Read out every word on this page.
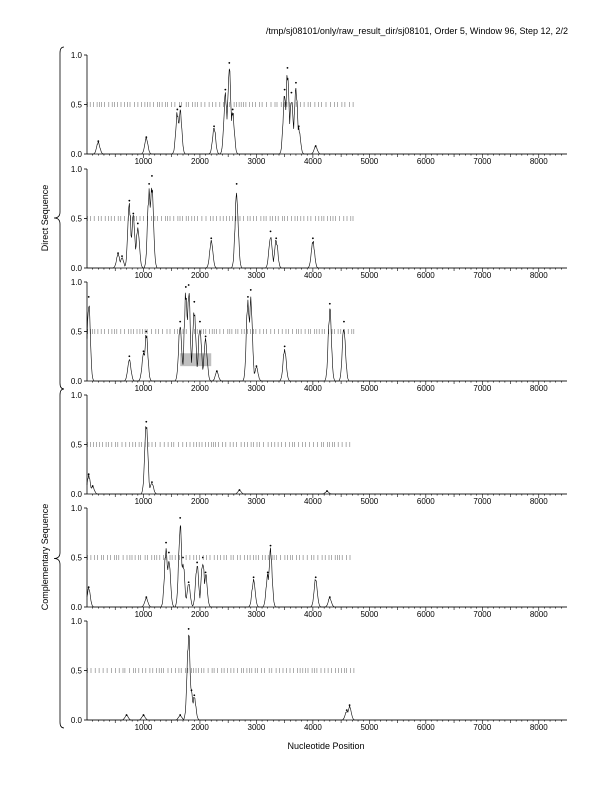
/tmp/sj08101/only/raw_result_dir/sj08101, Order 5, Window 96, Step 12, 2/2
0.0
0.5
1.0
1000	2000	3000	4000	5000	6000	7000	8000
0.0
0.5
1.0
1000	2000	3000	4000	5000	6000	7000	8000
0.0
0.5
1.0
1000	2000	3000	4000	5000	6000	7000	8000
0.0
0.5
1.0
1000	2000	3000	4000	5000	6000	7000	8000
0.0
0.5
1.0
1000	2000	3000	4000	5000	6000	7000	8000
0.0
0.5
1.0
1000	2000	3000	4000	5000	6000	7000	8000
Direct Sequence
Complementary Sequence
Nucleotide Position
